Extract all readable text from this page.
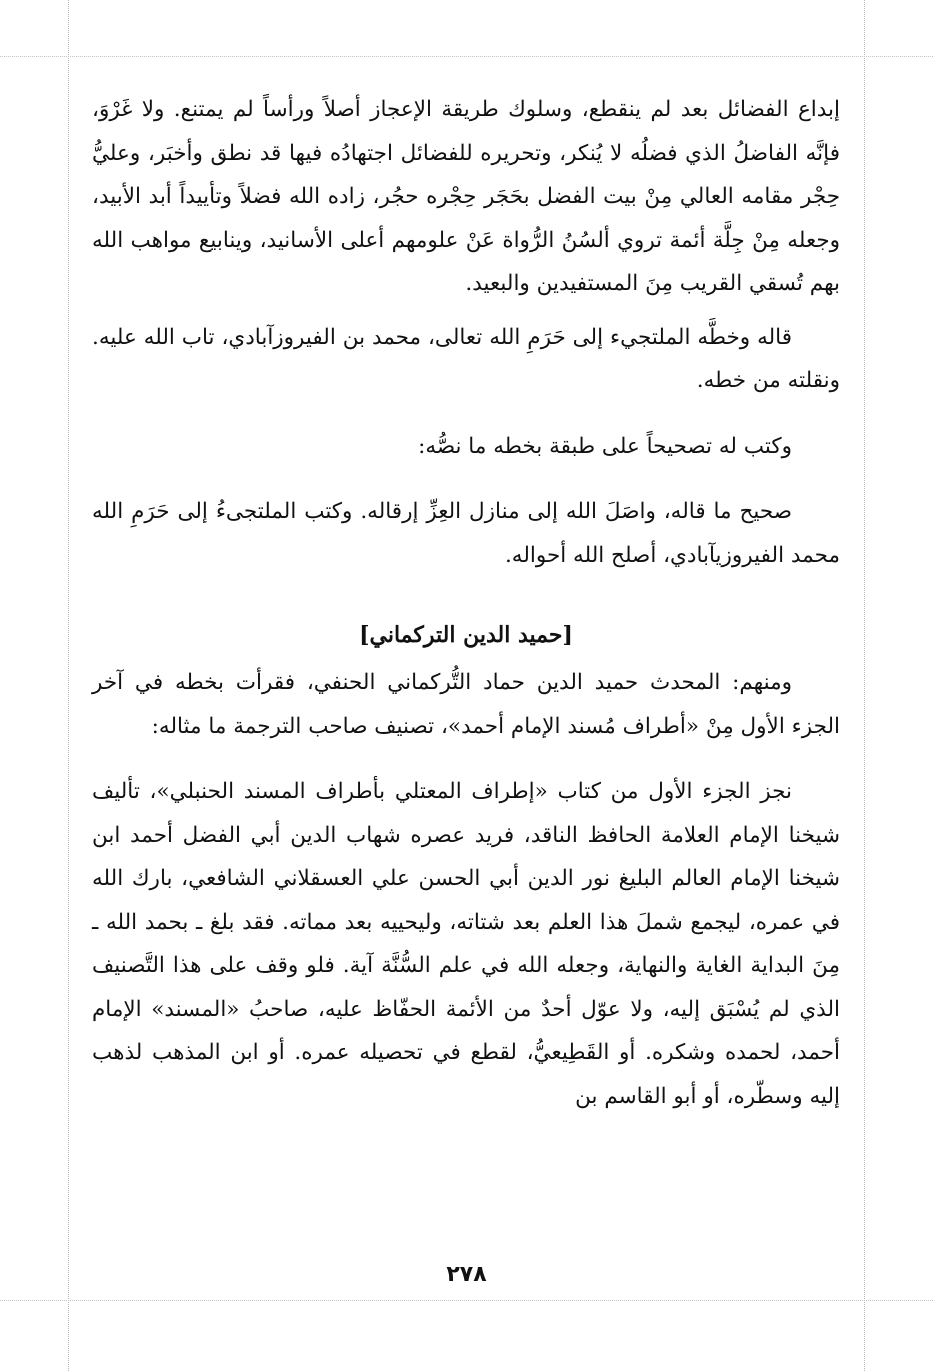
إبداع الفضائل بعد لم ينقطع، وسلوك طريقة الإعجاز أصلاً ورأساً لم يمتنع. ولا غَرْوَ، فإنَّه الفاضلُ الذي فضلُه لا يُنكر، وتحريره للفضائل اجتهادُه فيها قد نطق وأخبَر، وعليُّ حِجْر مقامه العالي مِنْ بيت الفضل بحَجَر حِجْره حجُر، زاده الله فضلاً وتأييداً أبد الأبيد، وجعله مِنْ جِلَّة أئمة تروي ألسُنُ الرُّواة عَنْ علومهم أعلى الأسانيد، وينابيع مواهب الله بهم تُسقي القريب مِنَ المستفيدين والبعيد.

قاله وخطَّه الملتجيء إلى حَرَمِ الله تعالى، محمد بن الفيروزآبادي، تاب الله عليه. ونقلته من خطه.

وكتب له تصحيحاً على طبقة بخطه ما نصُّه:

صحيح ما قاله، واصَلَ الله إلى منازل العِزِّ إرقاله. وكتب الملتجىءُ إلى حَرَمِ الله محمد الفيروزيآبادي، أصلح الله أحواله.

[حميد الدين التركماني]

ومنهم: المحدث حميد الدين حماد التُّركماني الحنفي، فقرأت بخطه في آخر الجزء الأول مِنْ «أطراف مُسند الإمام أحمد»، تصنيف صاحب الترجمة ما مثاله:

نجز الجزء الأول من كتاب «إطراف المعتلي بأطراف المسند الحنبلي»، تأليف شيخنا الإمام العلامة الحافظ الناقد، فريد عصره شهاب الدين أبي الفضل أحمد ابن شيخنا الإمام العالم البليغ نور الدين أبي الحسن علي العسقلاني الشافعي، بارك الله في عمره، ليجمع شملَ هذا العلم بعد شتاته، وليحييه بعد مماته. فقد بلغ ـ بحمد الله ـ مِنَ البداية الغاية والنهاية، وجعله الله في علم السُّنَّة آية. فلو وقف على هذا التَّصنيف الذي لم يُسْبَق إليه، ولا عوّل أحدٌ من الأئمة الحفّاظ عليه، صاحبُ «المسند» الإمام أحمد، لحمده وشكره. أو القَطِيعيُّ، لقطع في تحصيله عمره. أو ابن المذهب لذهب إليه وسطّره، أو أبو القاسم بن

٢٧٨
